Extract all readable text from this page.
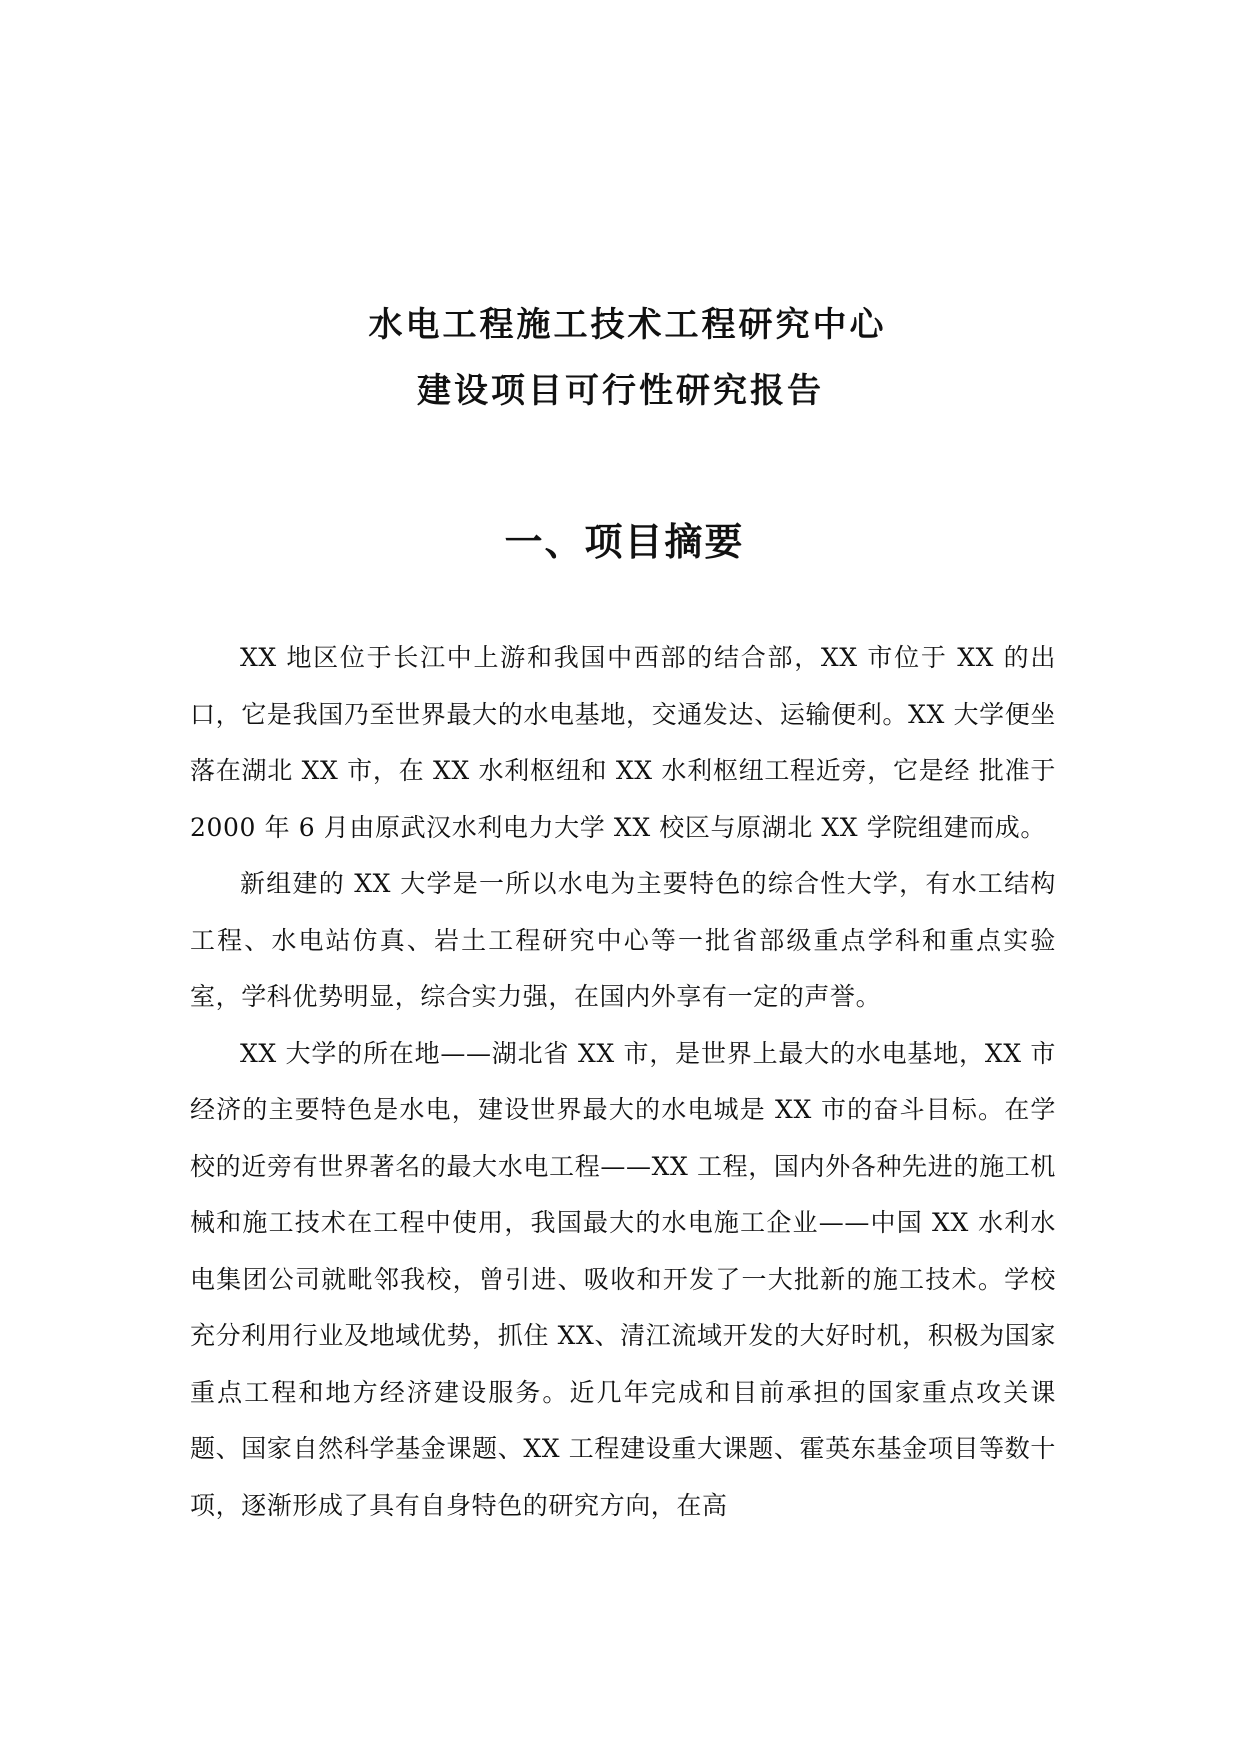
水电工程施工技术工程研究中心
建设项目可行性研究报告
一、项目摘要

XX 地区位于长江中上游和我国中西部的结合部，XX 市位于 XX 的出口，它是我国乃至世界最大的水电基地，交通发达、运输便利。XX 大学便坐落在湖北 XX 市，在 XX 水利枢纽和 XX 水利枢纽工程近旁，它是经 批准于 2000 年 6 月由原武汉水利电力大学 XX 校区与原湖北 XX 学院组建而成。

新组建的 XX 大学是一所以水电为主要特色的综合性大学，有水工结构工程、水电站仿真、岩土工程研究中心等一批省部级重点学科和重点实验室，学科优势明显，综合实力强，在国内外享有一定的声誉。

XX 大学的所在地——湖北省 XX 市，是世界上最大的水电基地，XX 市经济的主要特色是水电，建设世界最大的水电城是 XX 市的奋斗目标。在学校的近旁有世界著名的最大水电工程——XX 工程，国内外各种先进的施工机械和施工技术在工程中使用，我国最大的水电施工企业——中国 XX 水利水电集团公司就毗邻我校，曾引进、吸收和开发了一大批新的施工技术。学校充分利用行业及地域优势，抓住 XX、清江流域开发的大好时机，积极为国家重点工程和地方经济建设服务。近几年完成和目前承担的国家重点攻关课题、国家自然科学基金课题、XX 工程建设重大课题、霍英东基金项目等数十项，逐渐形成了具有自身特色的研究方向，在高
